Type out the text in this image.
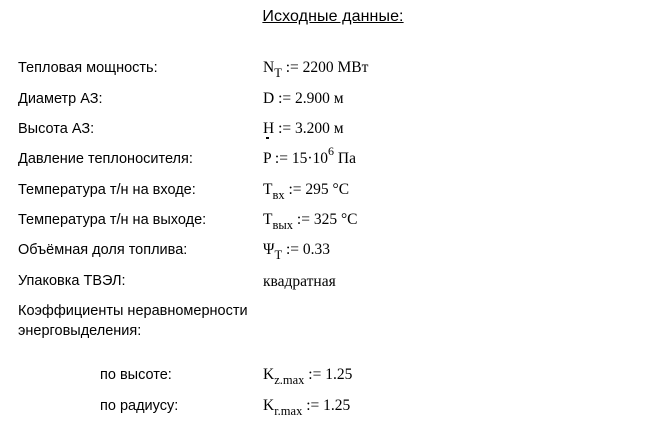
Исходные данные:
Тепловая мощность:	$N_T$ := 2200 МВт
Диаметр АЗ:	D := 2.900 м
Высота АЗ:	H := 3.200 м
Давление теплоносителя:	P := $15\cdot 10^6$ Па
Температура т/н на входе:	$T_{вх}$ := 295 °C
Температура т/н на выходе:	$T_{вых}$ := 325 °C
Объёмная доля топлива:	$\Psi_T$ := 0.33
Упаковка ТВЭЛ:	квадратная
Коэффициенты неравномерности
энерговыделения:
по высоте:	$K_{z.max}$ := 1.25
по радиусу:	$K_{r.max}$ := 1.25
